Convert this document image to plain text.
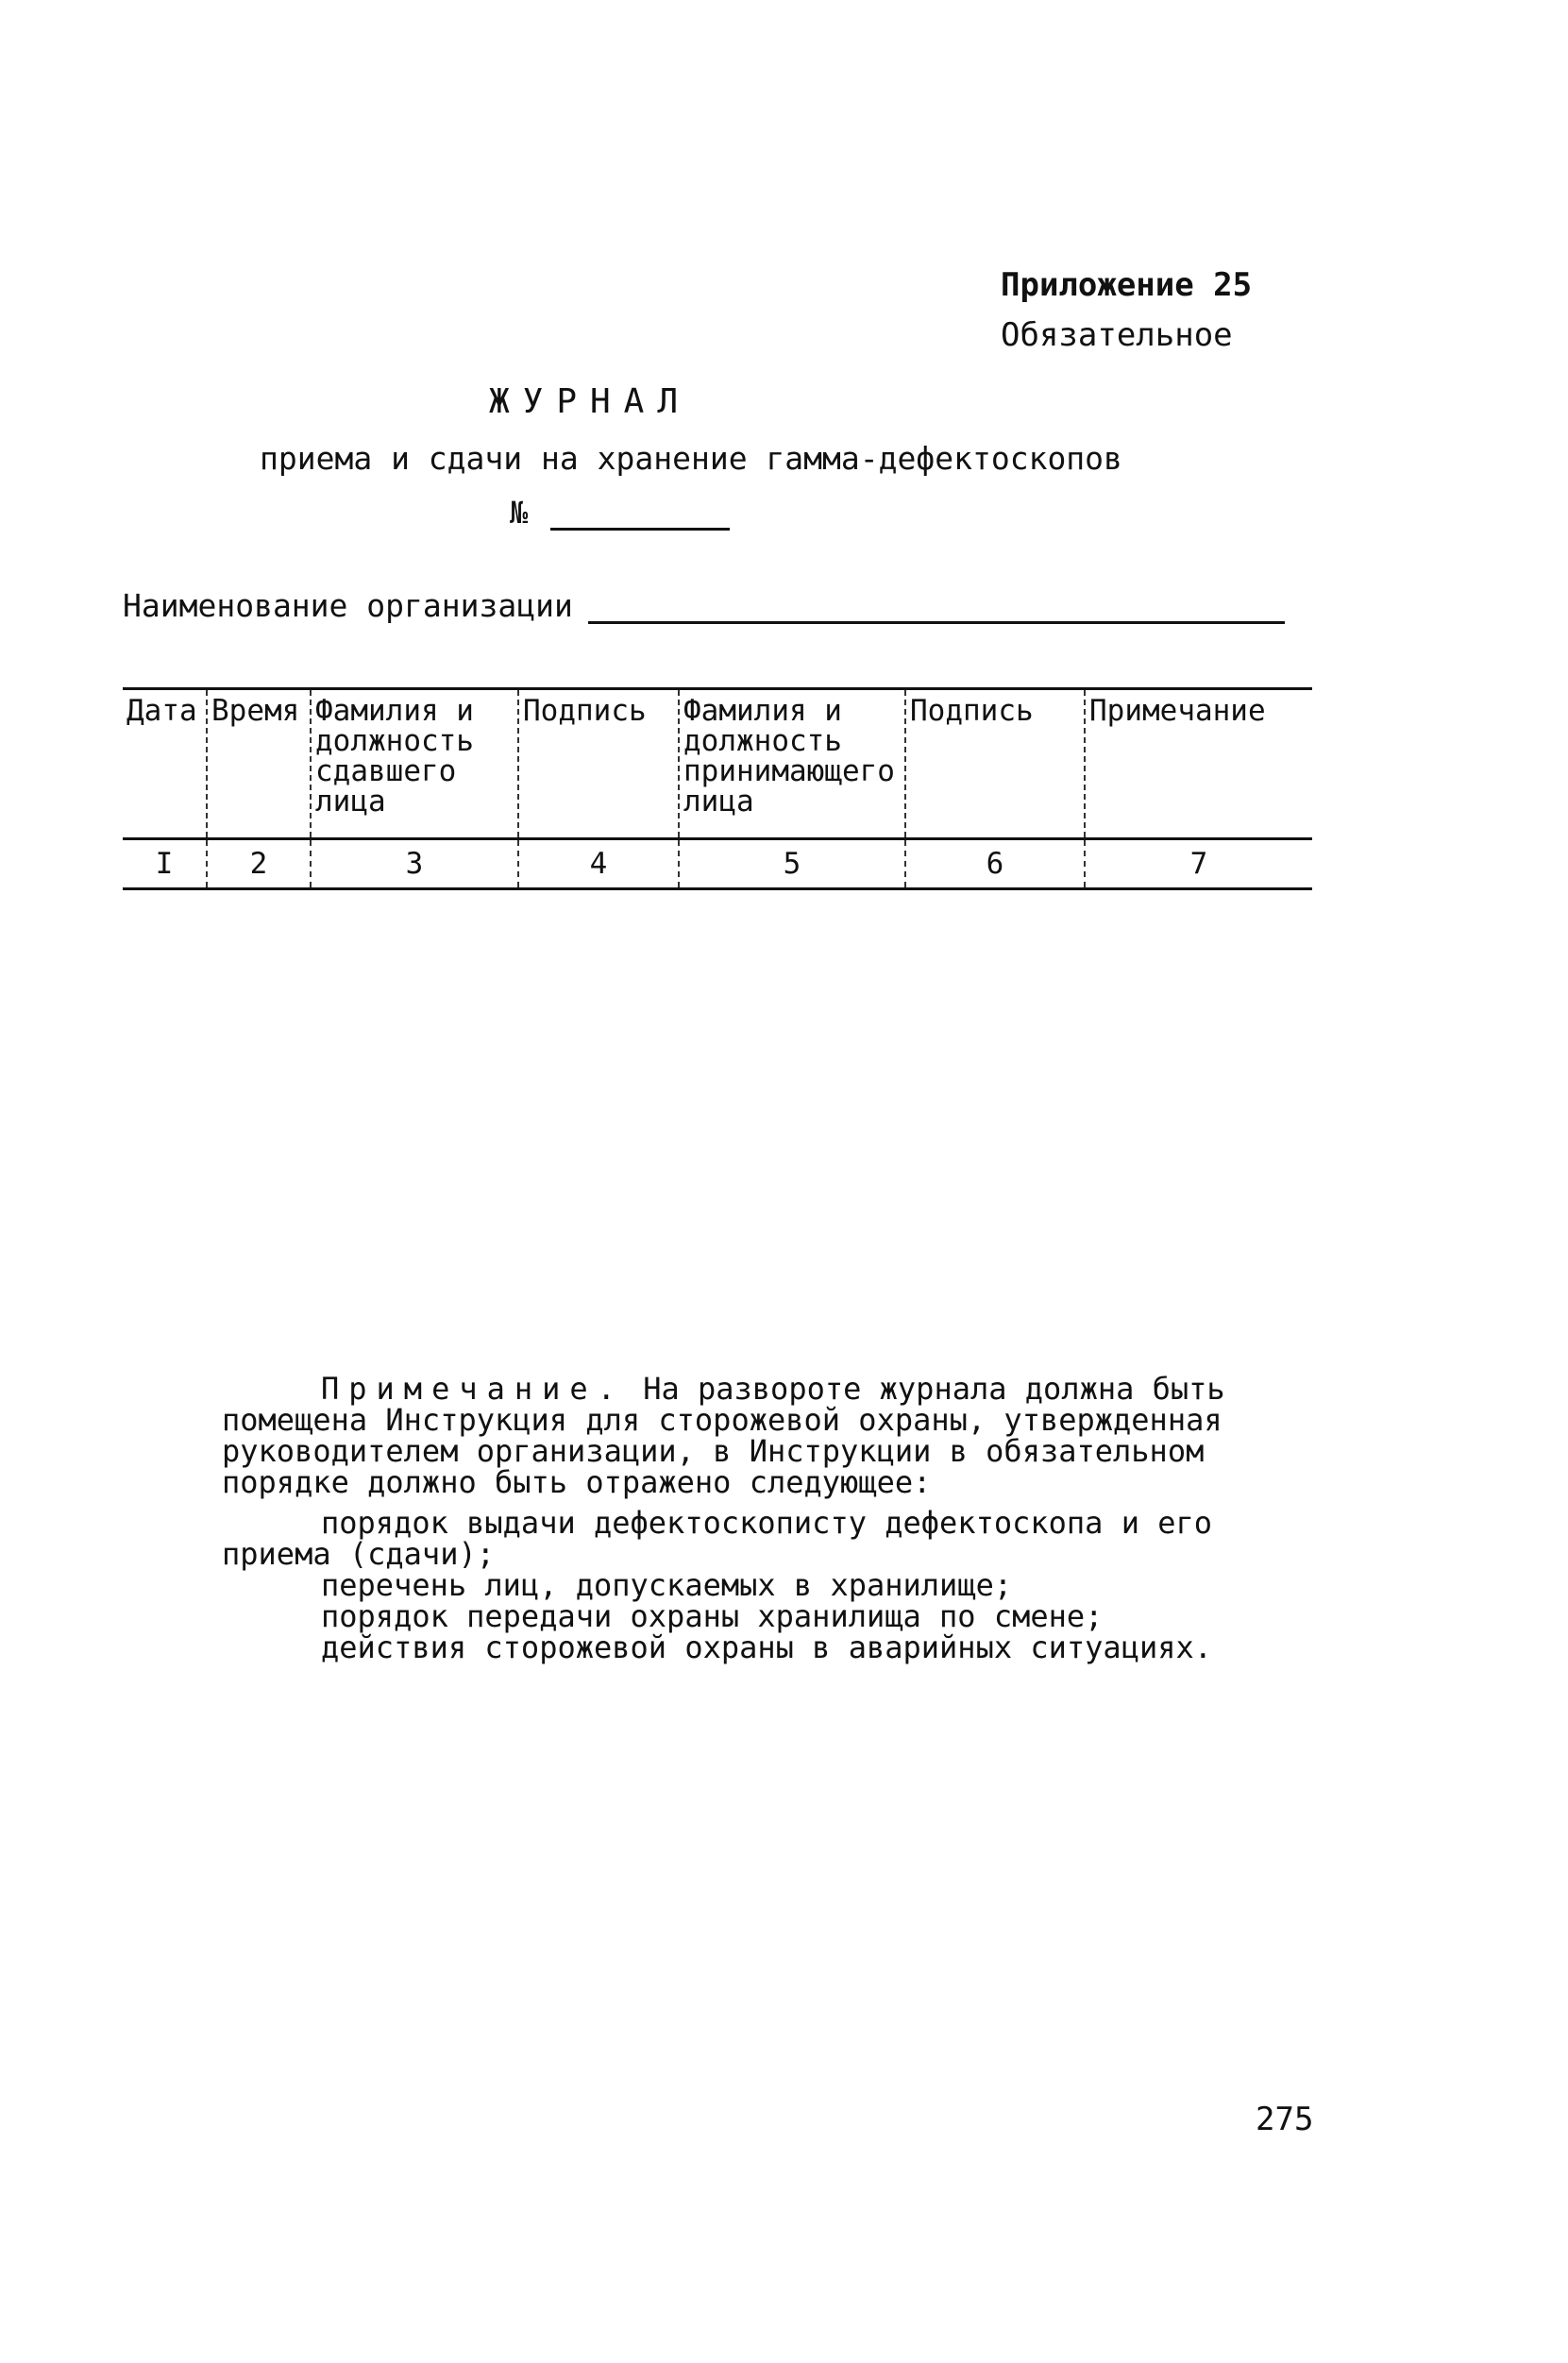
Приложение 25
Обязательное
ЖУРНАЛ
приема и сдачи на хранение гамма-дефектоскопов
№
Наименование организации
Дата	Время	Фамилия и должность сдавшего лица	Подпись	Фамилия и должность принимающего лица	Подпись	Примечание
I	2	3	4	5	6	7

Примечание. На развороте журнала должна быть помещена Инструкция для сторожевой охраны, утвержденная руководителем организации, в Инструкции в обязательном порядке должно быть отражено следующее:

порядок выдачи дефектоскописту дефектоскопа и его приема (сдачи);
перечень лиц, допускаемых в хранилище;
порядок передачи охраны хранилища по смене;
действия сторожевой охраны в аварийных ситуациях.
275
